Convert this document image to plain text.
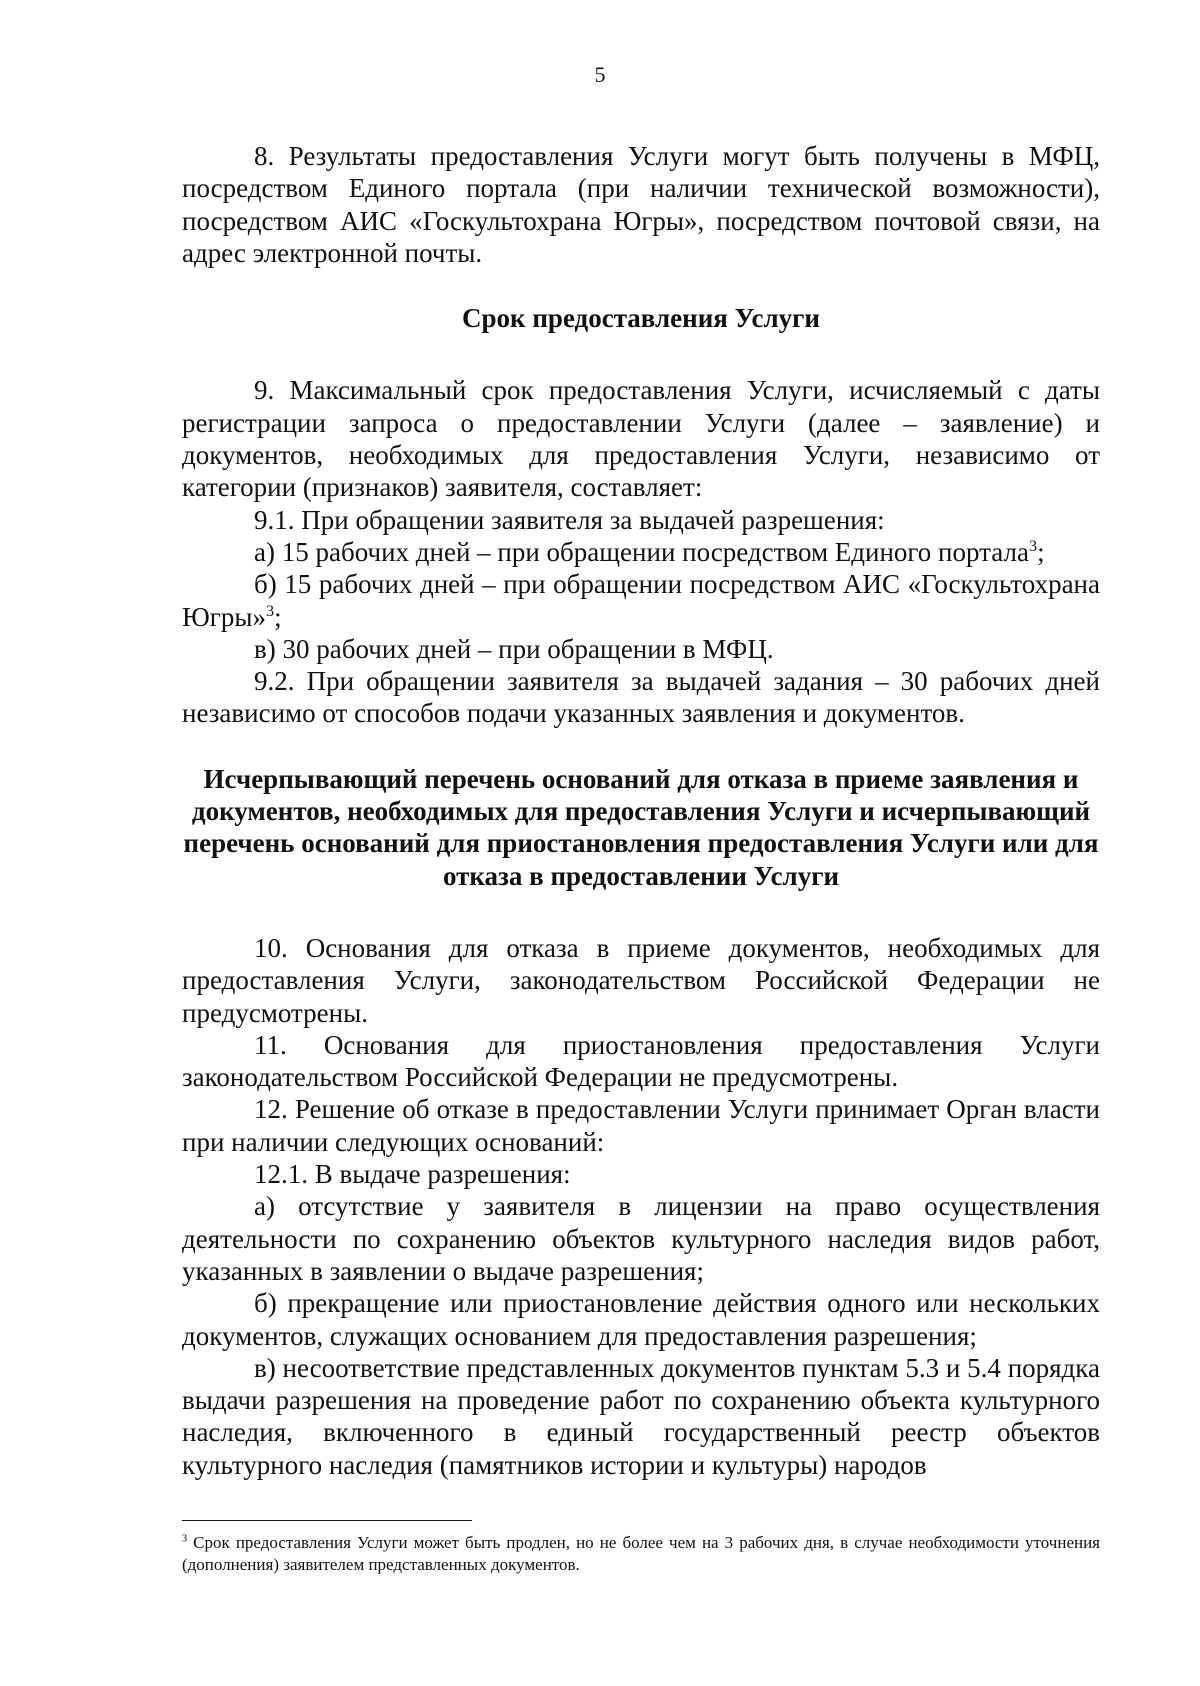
5

8. Результаты предоставления Услуги могут быть получены в МФЦ, посредством Единого портала (при наличии технической возможности), посредством АИС «Госкультохрана Югры», посредством почтовой связи, на адрес электронной почты.

Срок предоставления Услуги

9. Максимальный срок предоставления Услуги, исчисляемый с даты регистрации запроса о предоставлении Услуги (далее – заявление) и документов, необходимых для предоставления Услуги, независимо от категории (признаков) заявителя, составляет:

9.1. При обращении заявителя за выдачей разрешения:

а) 15 рабочих дней – при обращении посредством Единого портала$^3$;

б) 15 рабочих дней – при обращении посредством АИС «Госкультохрана Югры»$^3$;

в) 30 рабочих дней – при обращении в МФЦ.

9.2. При обращении заявителя за выдачей задания – 30 рабочих дней независимо от способов подачи указанных заявления и документов.

Исчерпывающий перечень оснований для отказа в приеме заявления и документов, необходимых для предоставления Услуги и исчерпывающий перечень оснований для приостановления предоставления Услуги или для отказа в предоставлении Услуги

10. Основания для отказа в приеме документов, необходимых для предоставления Услуги, законодательством Российской Федерации не предусмотрены.

11. Основания для приостановления предоставления Услуги законодательством Российской Федерации не предусмотрены.

12. Решение об отказе в предоставлении Услуги принимает Орган власти при наличии следующих оснований:

12.1. В выдаче разрешения:

а) отсутствие у заявителя в лицензии на право осуществления деятельности по сохранению объектов культурного наследия видов работ, указанных в заявлении о выдаче разрешения;

б) прекращение или приостановление действия одного или нескольких документов, служащих основанием для предоставления разрешения;

в) несоответствие представленных документов пунктам 5.3 и 5.4 порядка выдачи разрешения на проведение работ по сохранению объекта культурного наследия, включенного в единый государственный реестр объектов культурного наследия (памятников истории и культуры) народов

$^3$ Срок предоставления Услуги может быть продлен, но не более чем на 3 рабочих дня, в случае необходимости уточнения (дополнения) заявителем представленных документов.
